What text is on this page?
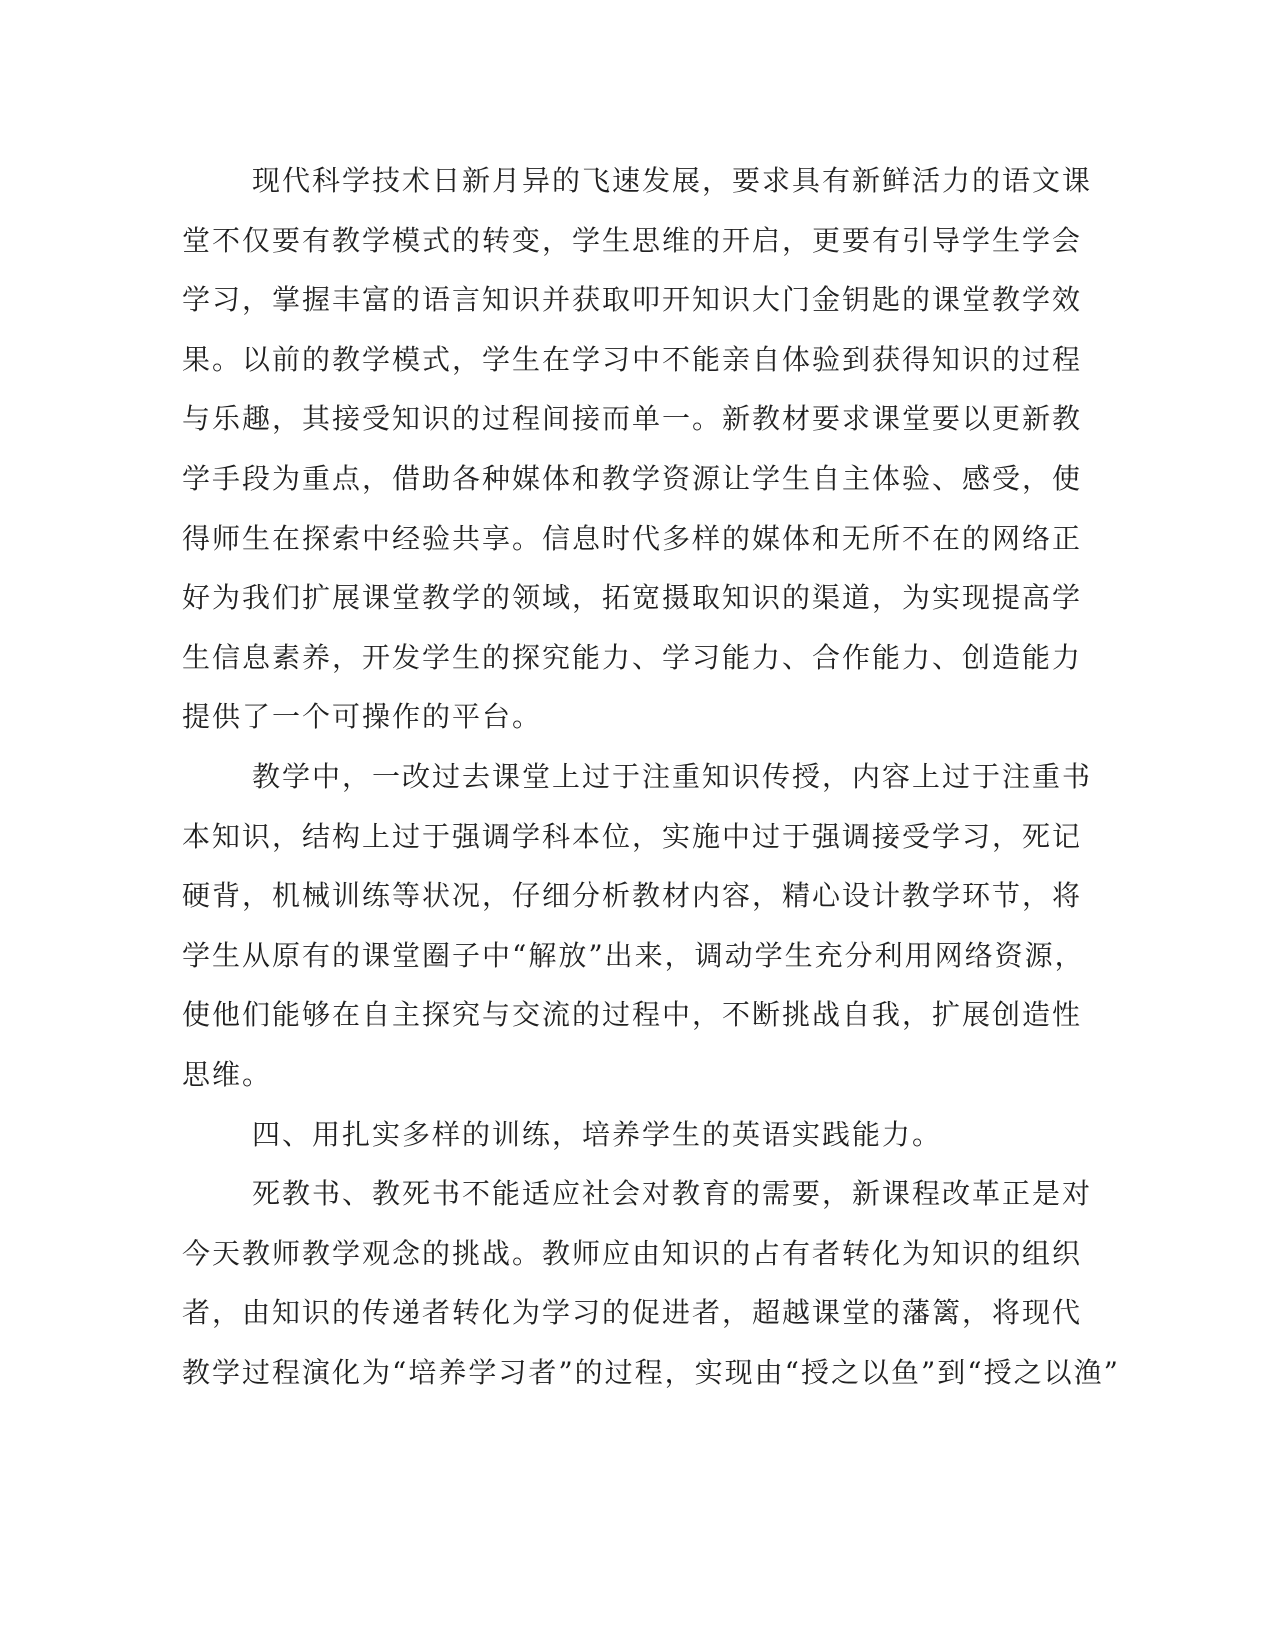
现代科学技术日新月异的飞速发展，要求具有新鲜活力的语文课
堂不仅要有教学模式的转变，学生思维的开启，更要有引导学生学会
学习，掌握丰富的语言知识并获取叩开知识大门金钥匙的课堂教学效
果。以前的教学模式，学生在学习中不能亲自体验到获得知识的过程
与乐趣，其接受知识的过程间接而单一。新教材要求课堂要以更新教
学手段为重点，借助各种媒体和教学资源让学生自主体验、感受，使
得师生在探索中经验共享。信息时代多样的媒体和无所不在的网络正
好为我们扩展课堂教学的领域，拓宽摄取知识的渠道，为实现提高学
生信息素养，开发学生的探究能力、学习能力、合作能力、创造能力
提供了一个可操作的平台。
教学中，一改过去课堂上过于注重知识传授，内容上过于注重书
本知识，结构上过于强调学科本位，实施中过于强调接受学习，死记
硬背，机械训练等状况，仔细分析教材内容，精心设计教学环节，将
学生从原有的课堂圈子中“解放”出来，调动学生充分利用网络资源，
使他们能够在自主探究与交流的过程中，不断挑战自我，扩展创造性
思维。
四、用扎实多样的训练，培养学生的英语实践能力。
死教书、教死书不能适应社会对教育的需要，新课程改革正是对
今天教师教学观念的挑战。教师应由知识的占有者转化为知识的组织
者，由知识的传递者转化为学习的促进者，超越课堂的藩篱，将现代
教学过程演化为“培养学习者”的过程，实现由“授之以鱼”到“授之以渔”
